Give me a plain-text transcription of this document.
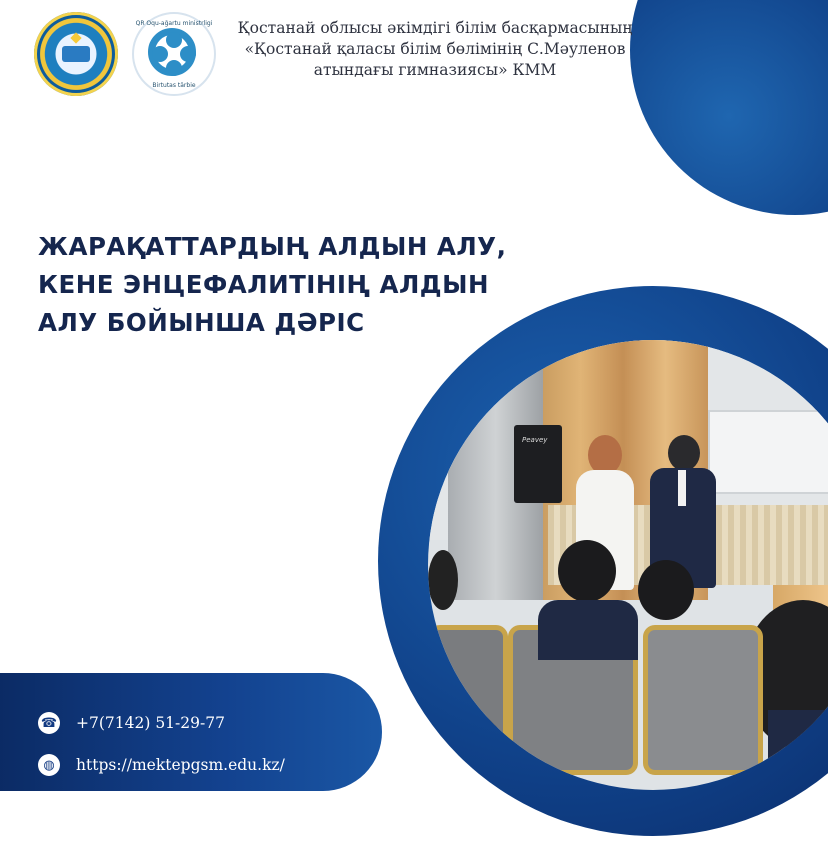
QR Oqu-ağartu ministrligi
Birtutas tärbie
Қостанай облысы әкімдігі білім басқармасының
«Қостанай қаласы білім бөлімінің С.Мәуленов
атындағы гимназиясы» КММ
ЖАРАҚАТТАРДЫҢ АЛДЫН АЛУ,
КЕНЕ ЭНЦЕФАЛИТІНІҢ АЛДЫН
АЛУ БОЙЫНША ДӘРІС
Peavey
☎ +7(7142) 51-29-77
◍	https://mektepgsm.edu.kz/
